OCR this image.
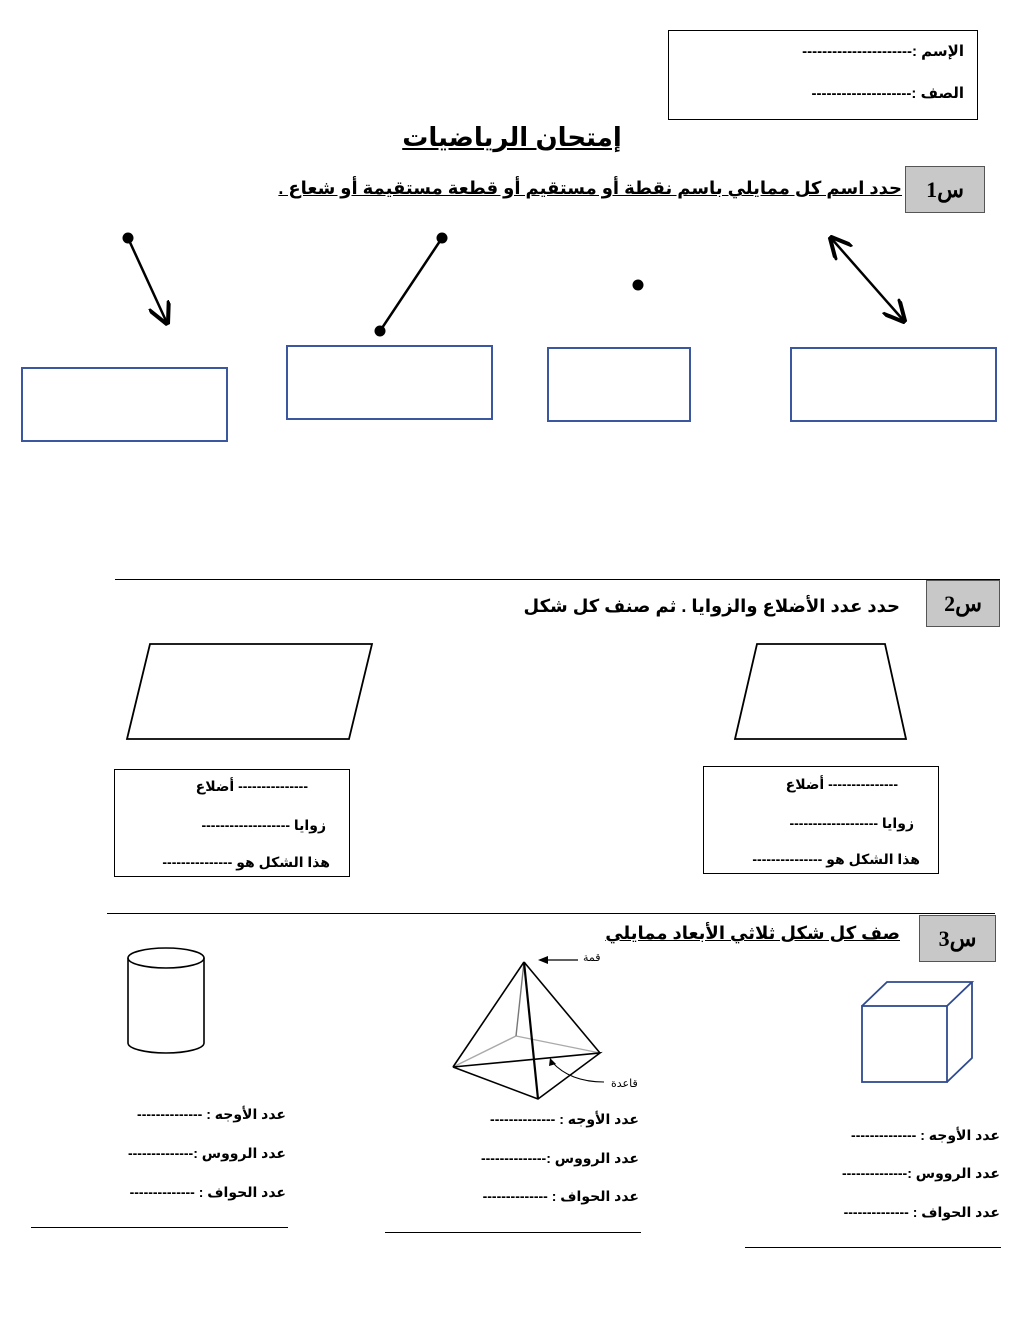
الإسم :----------------------
الصف :--------------------
إمتحان الرياضيات
س1
حدد اسم كل ممايلي باسم نقطة أو مستقيم أو قطعة مستقيمة أو شعاع .
س2
حدد عدد الأضلاع والزوايا . ثم صنف كل شكل
--------------- أضلاع
زوايا -------------------
هذا الشكل هو ---------------
--------------- أضلاع
زوايا -------------------
هذا الشكل هو ---------------
س3
صف كل شكل ثلاثي الأبعاد ممايلي
قمة
قاعدة
عدد الأوجه : --------------
عدد الرووس :--------------
عدد الحواف : --------------
عدد الأوجه : --------------
عدد الرووس :--------------
عدد الحواف : --------------
عدد الأوجه : --------------
عدد الرووس :--------------
عدد الحواف : --------------
